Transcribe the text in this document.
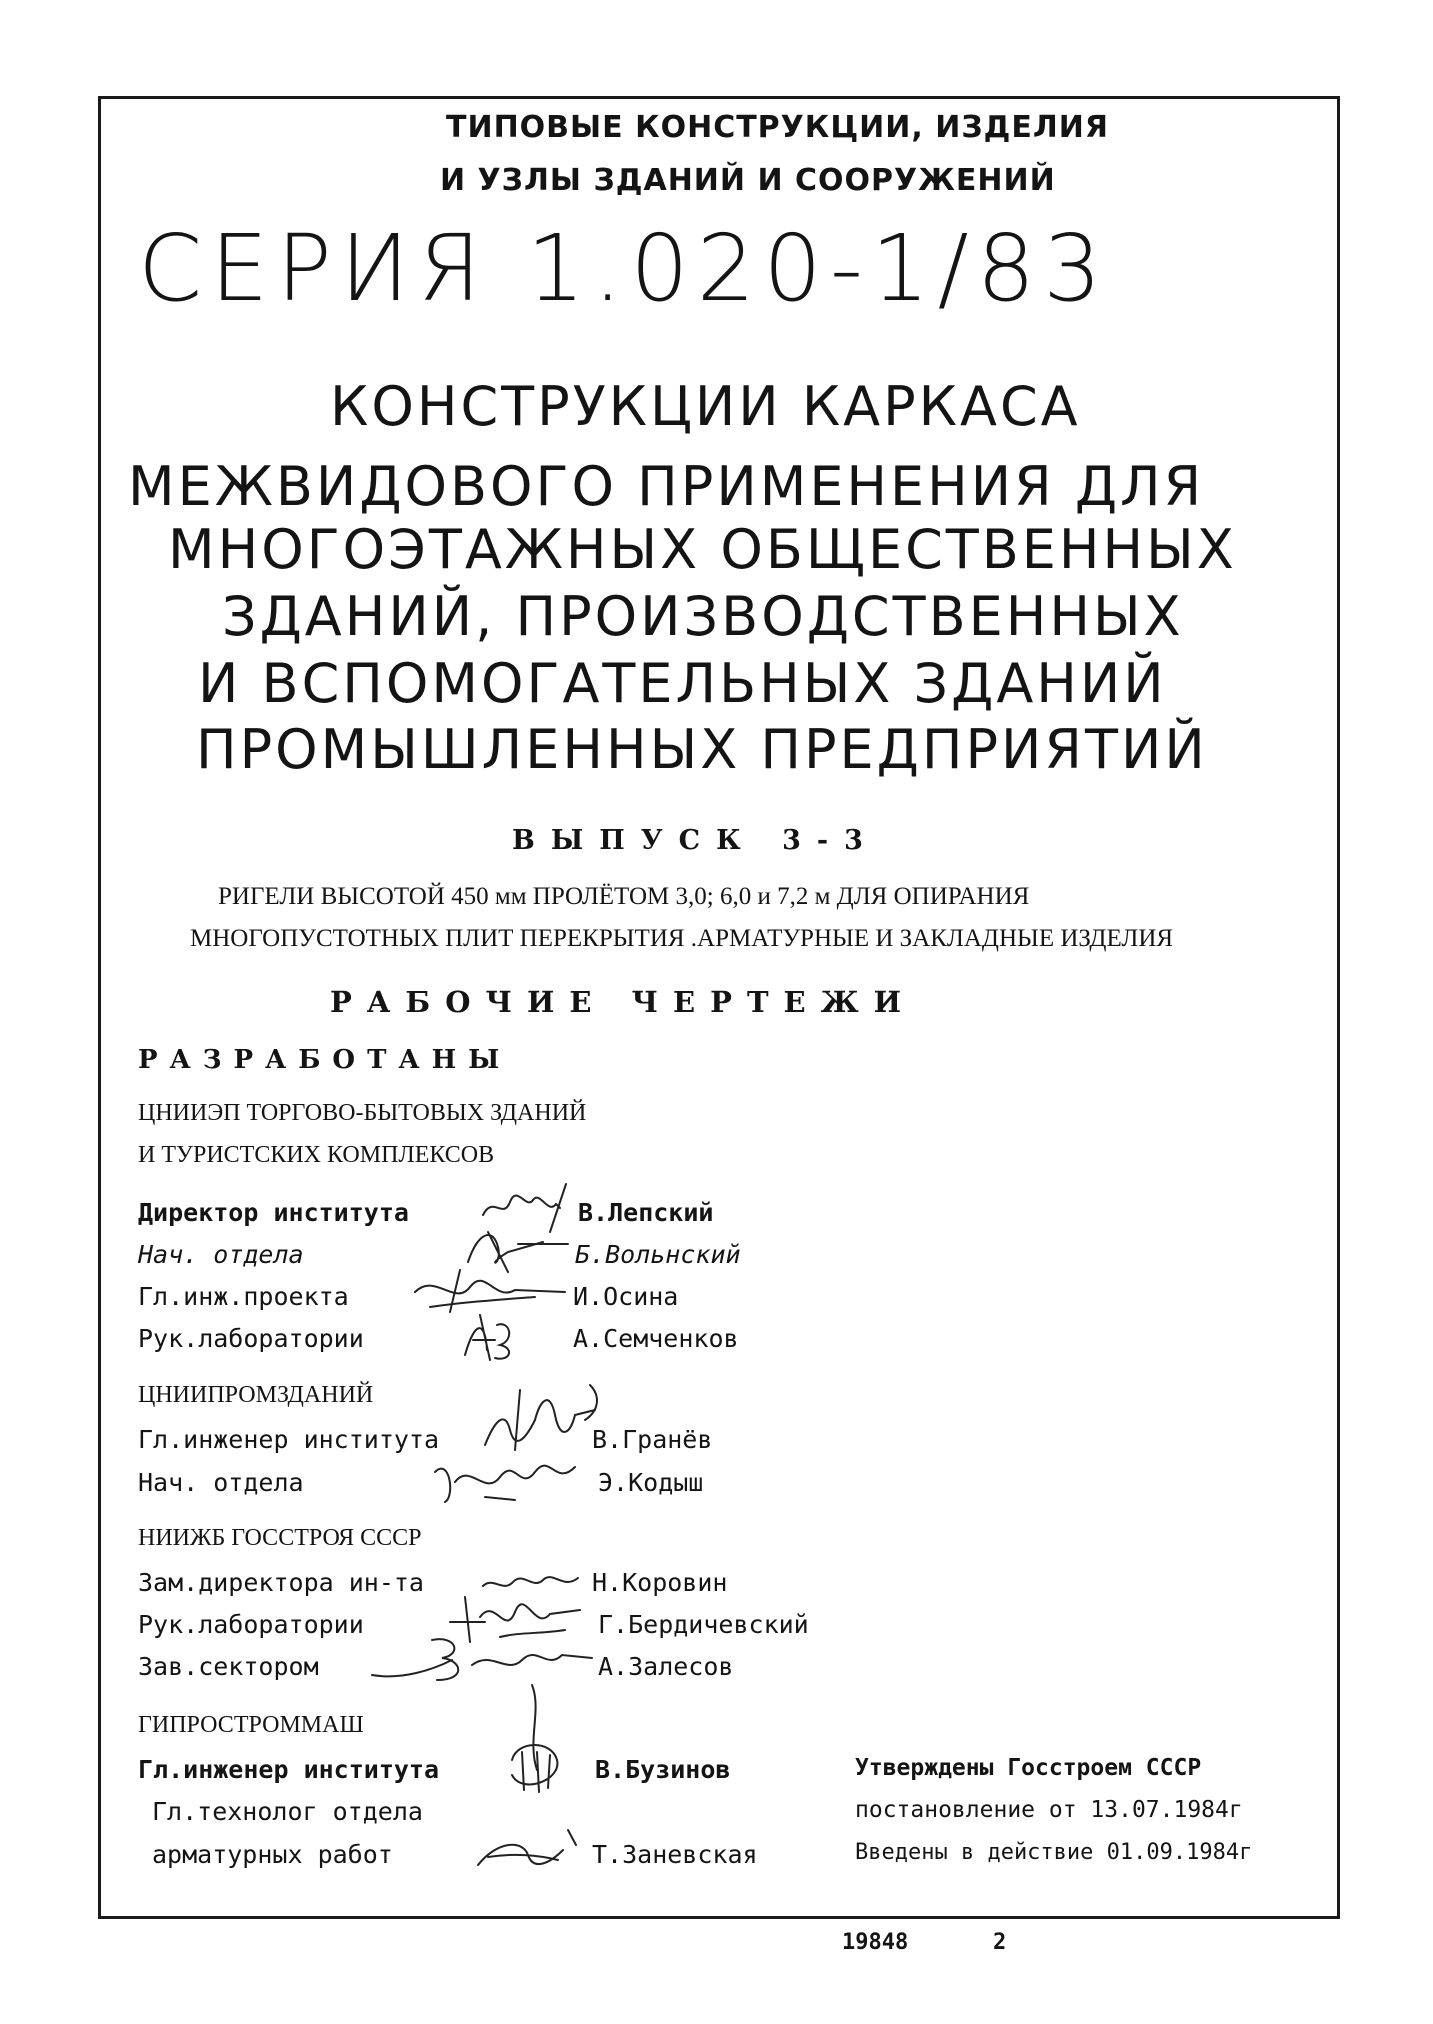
ТИПОВЫЕ КОНСТРУКЦИИ, ИЗДЕЛИЯ
И УЗЛЫ ЗДАНИЙ И СООРУЖЕНИЙ
СЕРИЯ 1.020-1/83
КОНСТРУКЦИИ КАРКАСА
МЕЖВИДОВОГО ПРИМЕНЕНИЯ ДЛЯ
МНОГОЭТАЖНЫХ ОБЩЕСТВЕННЫХ
ЗДАНИЙ, ПРОИЗВОДСТВЕННЫХ
И ВСПОМОГАТЕЛЬНЫХ ЗДАНИЙ
ПРОМЫШЛЕННЫХ ПРЕДПРИЯТИЙ
ВЫПУСК 3-3
РИГЕЛИ ВЫСОТОЙ 450 мм ПРОЛЁТОМ 3,0; 6,0 и 7,2 м ДЛЯ ОПИРАНИЯ
МНОГОПУСТОТНЫХ ПЛИТ ПЕРЕКРЫТИЯ .АРМАТУРНЫЕ И ЗАКЛАДНЫЕ ИЗДЕЛИЯ
РАБОЧИЕ ЧЕРТЕЖИ
РАЗРАБОТАНЫ
ЦНИИЭП ТОРГОВО-БЫТОВЫХ ЗДАНИЙ
И ТУРИСТСКИХ КОМПЛЕКСОВ
Директор института	В.Лепский
Нач. отдела	Б.Вольнский
Гл.инж.проекта	И.Осина
Рук.лаборатории	А.Семченков
ЦНИИПРОМЗДАНИЙ
Гл.инженер института	В.Гранёв
Нач. отдела	Э.Кодыш
НИИЖБ ГОССТРОЯ СССР
Зам.директора ин-та	Н.Коровин
Рук.лаборатории	Г.Бердичевский
Зав.сектором	А.Залесов
ГИПРОСТРОММАШ
Гл.инженер института	В.Бузинов
Гл.технолог отдела
арматурных работ	Т.Заневская
Утверждены Госстроем СССР
постановление от 13.07.1984г
Введены в действие 01.09.1984г
19848	2
